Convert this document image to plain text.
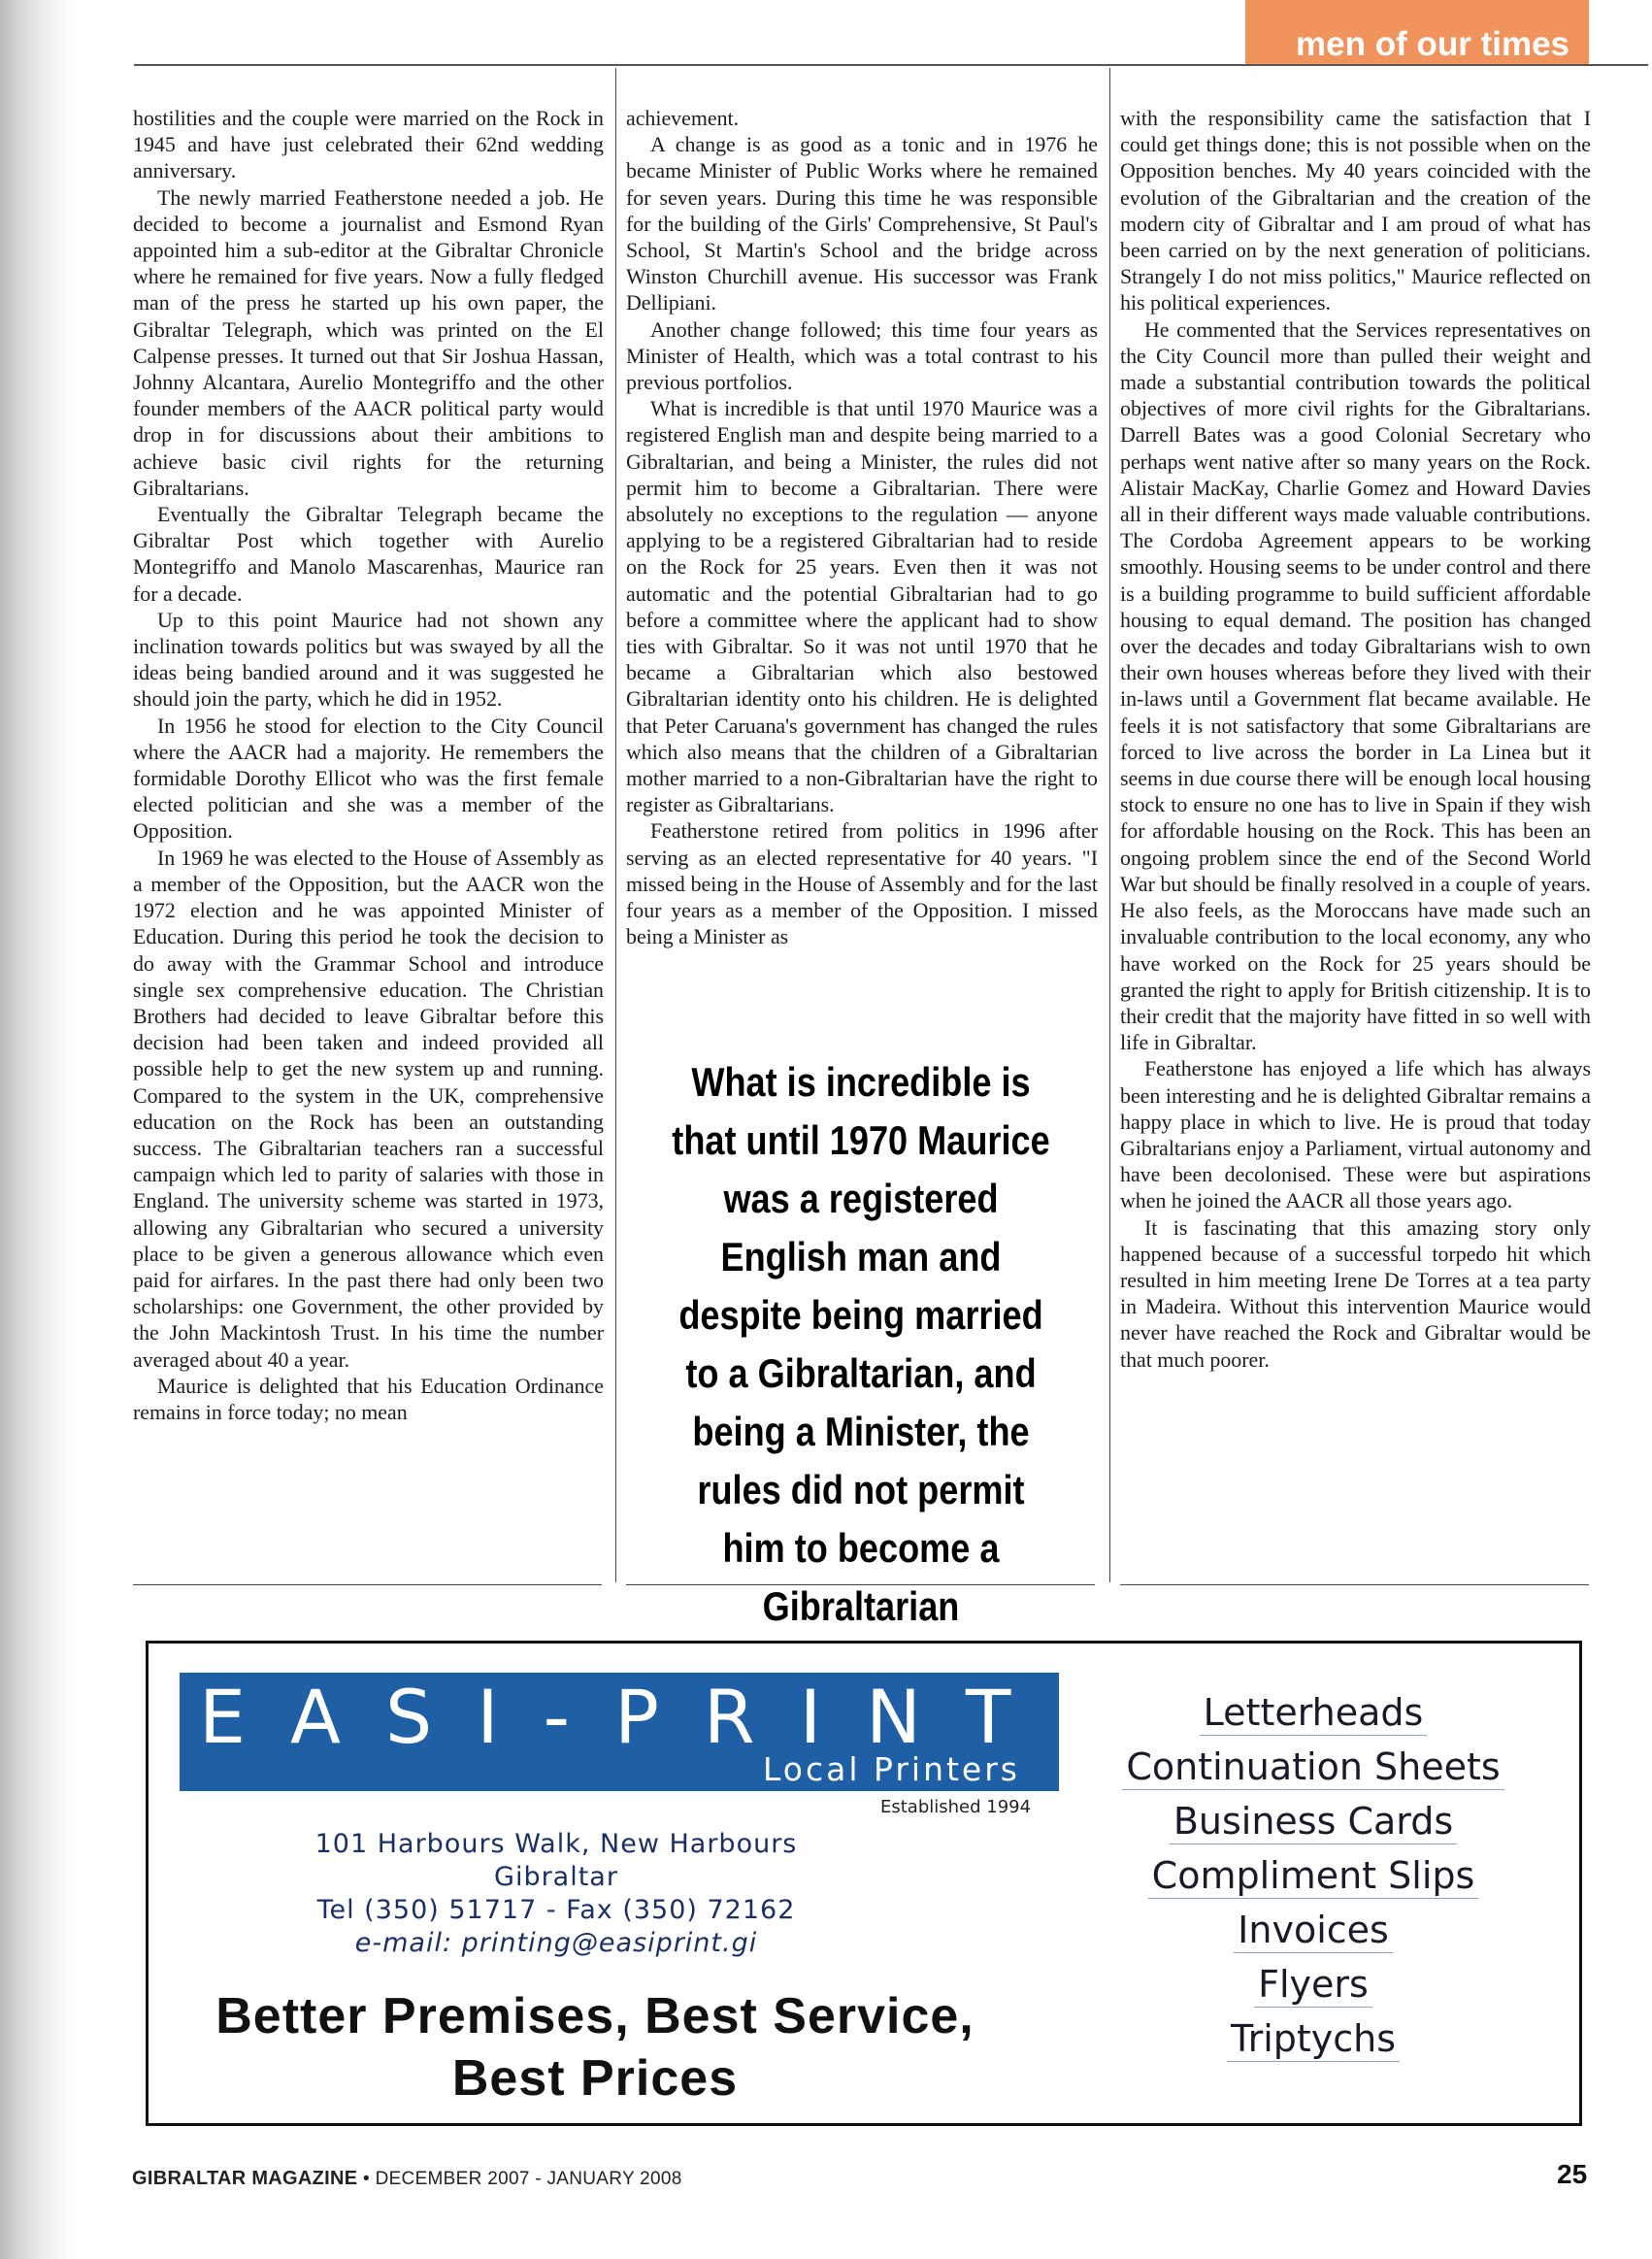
men of our times

hostilities and the couple were married on the Rock in 1945 and have just celebrated their 62nd wedding anniversary.

The newly married Featherstone needed a job. He decided to become a journalist and Esmond Ryan appointed him a sub-editor at the Gibraltar Chronicle where he remained for five years. Now a fully fledged man of the press he started up his own paper, the Gibraltar Telegraph, which was printed on the El Calpense presses. It turned out that Sir Joshua Hassan, Johnny Alcantara, Aurelio Montegriffo and the other founder members of the AACR political party would drop in for discussions about their ambitions to achieve basic civil rights for the returning Gibraltarians.

Eventually the Gibraltar Telegraph became the Gibraltar Post which together with Aurelio Montegriffo and Manolo Mascarenhas, Maurice ran for a decade.

Up to this point Maurice had not shown any inclination towards politics but was swayed by all the ideas being bandied around and it was suggested he should join the party, which he did in 1952.

In 1956 he stood for election to the City Council where the AACR had a majority. He remembers the formidable Dorothy Ellicot who was the first female elected politician and she was a member of the Opposition.

In 1969 he was elected to the House of Assembly as a member of the Opposition, but the AACR won the 1972 election and he was appointed Minister of Education. During this period he took the decision to do away with the Grammar School and introduce single sex comprehensive education. The Christian Brothers had decided to leave Gibraltar before this decision had been taken and indeed provided all possible help to get the new system up and running. Compared to the system in the UK, comprehensive education on the Rock has been an outstanding success. The Gibraltarian teachers ran a successful campaign which led to parity of salaries with those in England. The university scheme was started in 1973, allowing any Gibraltarian who secured a university place to be given a generous allowance which even paid for airfares. In the past there had only been two scholarships: one Government, the other provided by the John Mackintosh Trust. In his time the number averaged about 40 a year.

Maurice is delighted that his Education Ordinance remains in force today; no mean

achievement.

A change is as good as a tonic and in 1976 he became Minister of Public Works where he remained for seven years. During this time he was responsible for the building of the Girls' Comprehensive, St Paul's School, St Martin's School and the bridge across Winston Churchill avenue. His successor was Frank Dellipiani.

Another change followed; this time four years as Minister of Health, which was a total contrast to his previous portfolios.

What is incredible is that until 1970 Maurice was a registered English man and despite being married to a Gibraltarian, and being a Minister, the rules did not permit him to become a Gibraltarian. There were absolutely no exceptions to the regulation — anyone applying to be a registered Gibraltarian had to reside on the Rock for 25 years. Even then it was not automatic and the potential Gibraltarian had to go before a committee where the applicant had to show ties with Gibraltar. So it was not until 1970 that he became a Gibraltarian which also bestowed Gibraltarian identity onto his children. He is delighted that Peter Caruana's government has changed the rules which also means that the children of a Gibraltarian mother married to a non-Gibraltarian have the right to register as Gibraltarians.

Featherstone retired from politics in 1996 after serving as an elected representative for 40 years. "I missed being in the House of Assembly and for the last four years as a member of the Opposition. I missed being a Minister as

What is incredible is that until 1970 Maurice was a registered English man and despite being married to a Gibraltarian, and being a Minister, the rules did not permit him to become a Gibraltarian

with the responsibility came the satisfaction that I could get things done; this is not possible when on the Opposition benches. My 40 years coincided with the evolution of the Gibraltarian and the creation of the modern city of Gibraltar and I am proud of what has been carried on by the next generation of politicians. Strangely I do not miss politics," Maurice reflected on his political experiences.

He commented that the Services representatives on the City Council more than pulled their weight and made a substantial contribution towards the political objectives of more civil rights for the Gibraltarians. Darrell Bates was a good Colonial Secretary who perhaps went native after so many years on the Rock. Alistair MacKay, Charlie Gomez and Howard Davies all in their different ways made valuable contributions. The Cordoba Agreement appears to be working smoothly. Housing seems to be under control and there is a building programme to build sufficient affordable housing to equal demand. The position has changed over the decades and today Gibraltarians wish to own their own houses whereas before they lived with their in-laws until a Government flat became available. He feels it is not satisfactory that some Gibraltarians are forced to live across the border in La Linea but it seems in due course there will be enough local housing stock to ensure no one has to live in Spain if they wish for affordable housing on the Rock. This has been an ongoing problem since the end of the Second World War but should be finally resolved in a couple of years. He also feels, as the Moroccans have made such an invaluable contribution to the local economy, any who have worked on the Rock for 25 years should be granted the right to apply for British citizenship. It is to their credit that the majority have fitted in so well with life in Gibraltar.

Featherstone has enjoyed a life which has always been interesting and he is delighted Gibraltar remains a happy place in which to live. He is proud that today Gibraltarians enjoy a Parliament, virtual autonomy and have been decolonised. These were but aspirations when he joined the AACR all those years ago.

It is fascinating that this amazing story only happened because of a successful torpedo hit which resulted in him meeting Irene De Torres at a tea party in Madeira. Without this intervention Maurice would never have reached the Rock and Gibraltar would be that much poorer.

EASI-PRINT
Local Printers
Established 1994
101 Harbours Walk, New Harbours
Gibraltar
Tel (350) 51717 - Fax (350) 72162
e-mail: printing@easiprint.gi
Better Premises, Best Service,
Best Prices
Letterheads
Continuation Sheets
Business Cards
Compliment Slips
Invoices
Flyers
Triptychs
GIBRALTAR MAGAZINE • DECEMBER 2007 - JANUARY 2008	25
